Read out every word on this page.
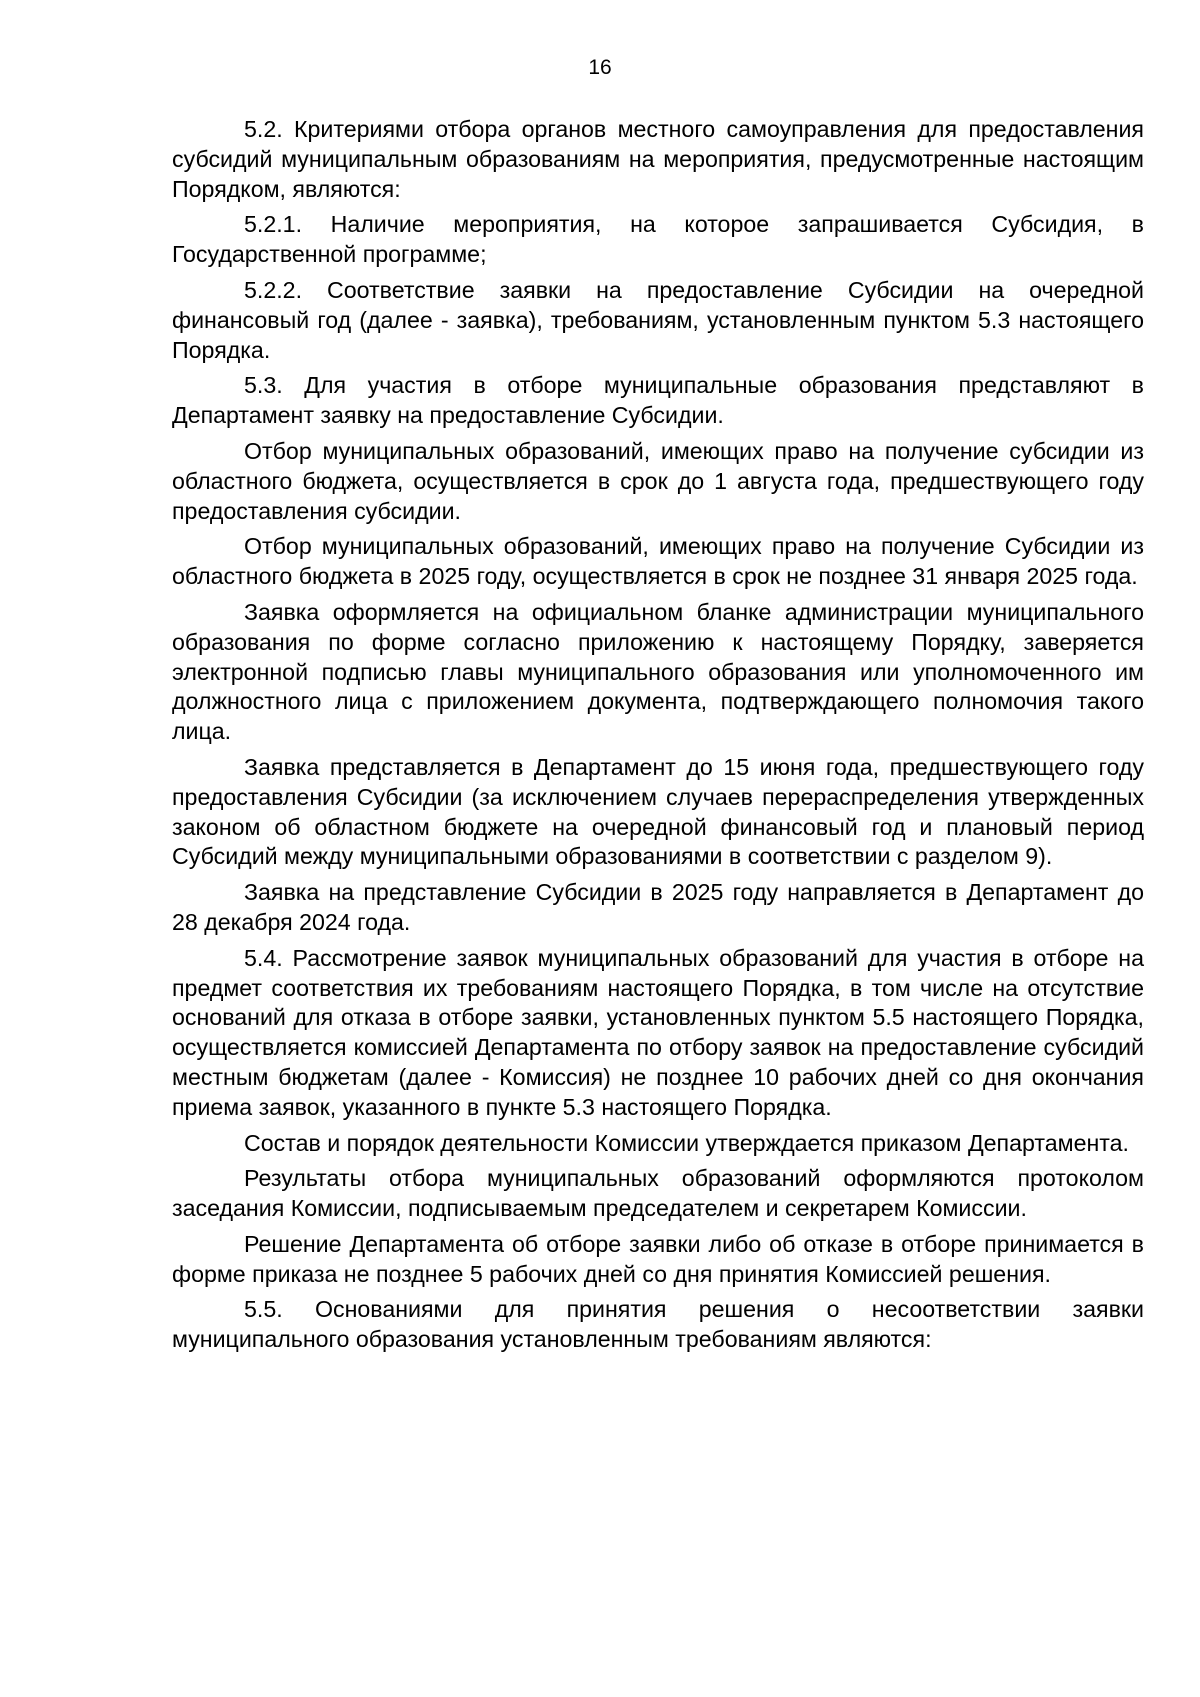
16

5.2. Критериями отбора органов местного самоуправления для предоставления субсидий муниципальным образованиям на мероприятия, предусмотренные настоящим Порядком, являются:

5.2.1. Наличие мероприятия, на которое запрашивается Субсидия, в Государственной программе;

5.2.2. Соответствие заявки на предоставление Субсидии на очередной финансовый год (далее - заявка), требованиям, установленным пунктом 5.3 настоящего Порядка.

5.3. Для участия в отборе муниципальные образования представляют в Департамент заявку на предоставление Субсидии.

Отбор муниципальных образований, имеющих право на получение субсидии из областного бюджета, осуществляется в срок до 1 августа года, предшествующего году предоставления субсидии.

Отбор муниципальных образований, имеющих право на получение Субсидии из областного бюджета в 2025 году, осуществляется в срок не позднее 31 января 2025 года.

Заявка оформляется на официальном бланке администрации муниципального образования по форме согласно приложению к настоящему Порядку, заверяется электронной подписью главы муниципального образования или уполномоченного им должностного лица с приложением документа, подтверждающего полномочия такого лица.

Заявка представляется в Департамент до 15 июня года, предшествующего году предоставления Субсидии (за исключением случаев перераспределения утвержденных законом об областном бюджете на очередной финансовый год и плановый период Субсидий между муниципальными образованиями в соответствии с разделом 9).

Заявка на представление Субсидии в 2025 году направляется в Департамент до 28 декабря 2024 года.

5.4. Рассмотрение заявок муниципальных образований для участия в отборе на предмет соответствия их требованиям настоящего Порядка, в том числе на отсутствие оснований для отказа в отборе заявки, установленных пунктом 5.5 настоящего Порядка, осуществляется комиссией Департамента по отбору заявок на предоставление субсидий местным бюджетам (далее - Комиссия) не позднее 10 рабочих дней со дня окончания приема заявок, указанного в пункте 5.3 настоящего Порядка.

Состав и порядок деятельности Комиссии утверждается приказом Департамента.

Результаты отбора муниципальных образований оформляются протоколом заседания Комиссии, подписываемым председателем и секретарем Комиссии.

Решение Департамента об отборе заявки либо об отказе в отборе принимается в форме приказа не позднее 5 рабочих дней со дня принятия Комиссией решения.

5.5. Основаниями для принятия решения о несоответствии заявки муниципального образования установленным требованиям являются:
